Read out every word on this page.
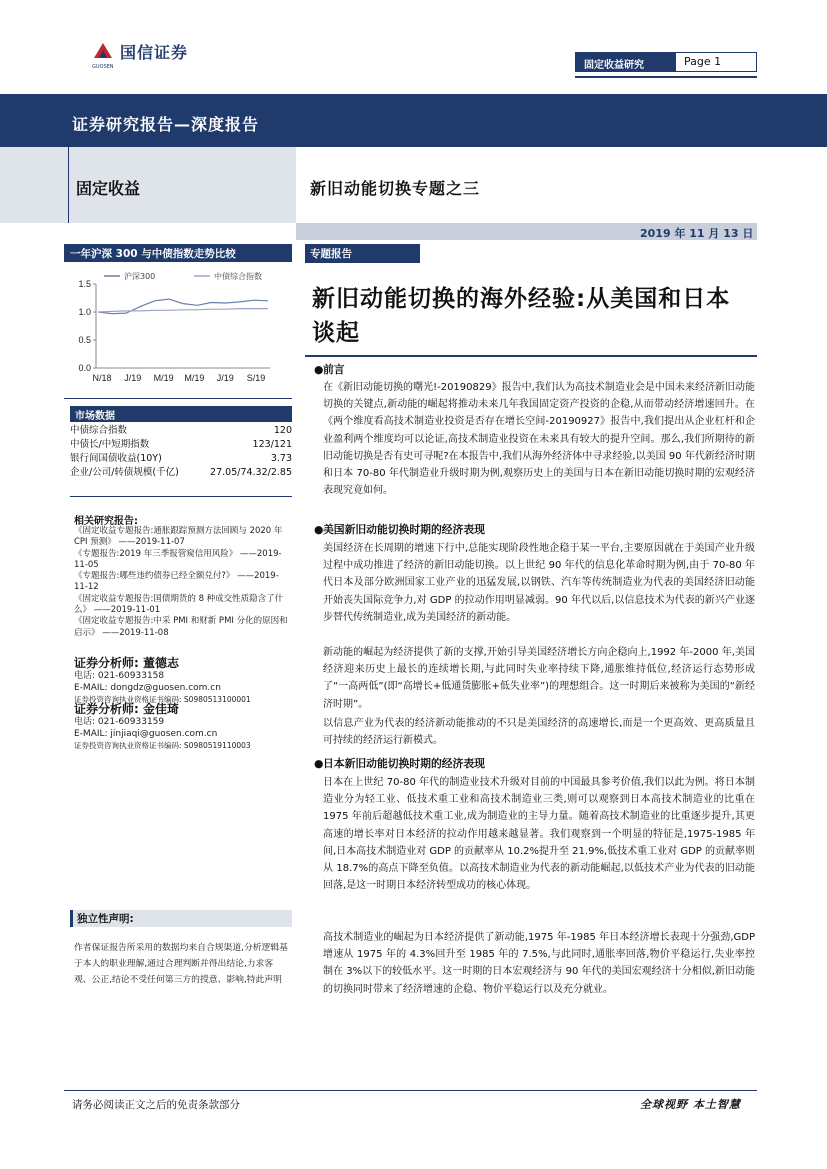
国信证券
GUOSEN	固定收益研究	Page 1
证券研究报告—深度报告
固定收益	新旧动能切换专题之三
2019 年 11 月 13 日
一年沪深 300 与中债指数走势比较
0.0
0.5
1.0
1.5
N/18 J/19 M/19 M/19 J/19 S/19
沪深300	中债综合指数
市场数据
中债综合指数	120
中债长/中短期指数	123/121
银行间国债收益(10Y)	3.73
企业/公司/转债规模(千亿)	27.05/74.32/2.85
相关研究报告:

《固定收益专题报告:通胀跟踪预测方法回顾与 2020 年 CPI 预测》 ——2019-11-07

《专题报告:2019 年三季报管窥信用风险》 ——2019-11-05

《专题报告:哪些违约债券已经全额兑付?》 ——2019-11-12

《固定收益专题报告:国债期货的 8 种成交性质隐含了什么》 ——2019-11-01

《固定收益专题报告:中采 PMI 和财新 PMI 分化的原因和启示》 ——2019-11-08

证券分析师: 董德志
电话: 021-60933158
E-MAIL: dongdz@guosen.com.cn
证券投资咨询执业资格证书编码: S0980513100001
证券分析师: 金佳琦
电话: 021-60933159
E-MAIL: jinjiaqi@guosen.com.cn
证券投资咨询执业资格证书编码: S0980519110003
独立性声明:
作者保证报告所采用的数据均来自合规渠道,分析逻辑基于本人的职业理解,通过合理判断并得出结论,力求客观、公正,结论不受任何第三方的授意、影响,特此声明
专题报告
新旧动能切换的海外经验:从美国和日本谈起
●前言
在《新旧动能切换的曙光!-20190829》报告中,我们认为高技术制造业会是中国未来经济新旧动能切换的关键点,新动能的崛起将推动未来几年我国固定资产投资的企稳,从而带动经济增速回升。在《两个维度看高技术制造业投资是否存在增长空间-20190927》报告中,我们提出从企业杠杆和企业盈利两个维度均可以论证,高技术制造业投资在未来具有较大的提升空间。那么,我们所期待的新旧动能切换是否有史可寻呢?在本报告中,我们从海外经济体中寻求经验,以美国 90 年代新经济时期和日本 70-80 年代制造业升级时期为例,观察历史上的美国与日本在新旧动能切换时期的宏观经济表现究竟如何。
●美国新旧动能切换时期的经济表现
美国经济在长周期的增速下行中,总能实现阶段性地企稳于某一平台,主要原因就在于美国产业升级过程中成功推进了经济的新旧动能切换。以上世纪 90 年代的信息化革命时期为例,由于 70-80 年代日本及部分欧洲国家工业产业的迅猛发展,以钢铁、汽车等传统制造业为代表的美国经济旧动能开始丧失国际竞争力,对 GDP 的拉动作用明显减弱。90 年代以后,以信息技术为代表的新兴产业逐步替代传统制造业,成为美国经济的新动能。
新动能的崛起为经济提供了新的支撑,开始引导美国经济增长方向企稳向上,1992 年-2000 年,美国经济迎来历史上最长的连续增长期,与此同时失业率持续下降,通胀维持低位,经济运行态势形成了“一高两低”(即“高增长+低通货膨胀+低失业率”)的理想组合。这一时期后来被称为美国的“新经济时期”。
以信息产业为代表的经济新动能推动的不只是美国经济的高速增长,而是一个更高效、更高质量且可持续的经济运行新模式。
●日本新旧动能切换时期的经济表现
日本在上世纪 70-80 年代的制造业技术升级对目前的中国最具参考价值,我们以此为例。将日本制造业分为轻工业、低技术重工业和高技术制造业三类,则可以观察到日本高技术制造业的比重在 1975 年前后超越低技术重工业,成为制造业的主导力量。随着高技术制造业的比重逐步提升,其更高速的增长率对日本经济的拉动作用越来越显著。我们观察到一个明显的特征是,1975-1985 年间,日本高技术制造业对 GDP 的贡献率从 10.2%提升至 21.9%,低技术重工业对 GDP 的贡献率则从 18.7%的高点下降至负值。以高技术制造业为代表的新动能崛起,以低技术产业为代表的旧动能回落,是这一时期日本经济转型成功的核心体现。
高技术制造业的崛起为日本经济提供了新动能,1975 年-1985 年日本经济增长表现十分强劲,GDP 增速从 1975 年的 4.3%回升至 1985 年的 7.5%,与此同时,通胀率回落,物价平稳运行,失业率控制在 3%以下的较低水平。这一时期的日本宏观经济与 90 年代的美国宏观经济十分相似,新旧动能的切换同时带来了经济增速的企稳、物价平稳运行以及充分就业。
请务必阅读正文之后的免责条款部分	全球视野 本土智慧
